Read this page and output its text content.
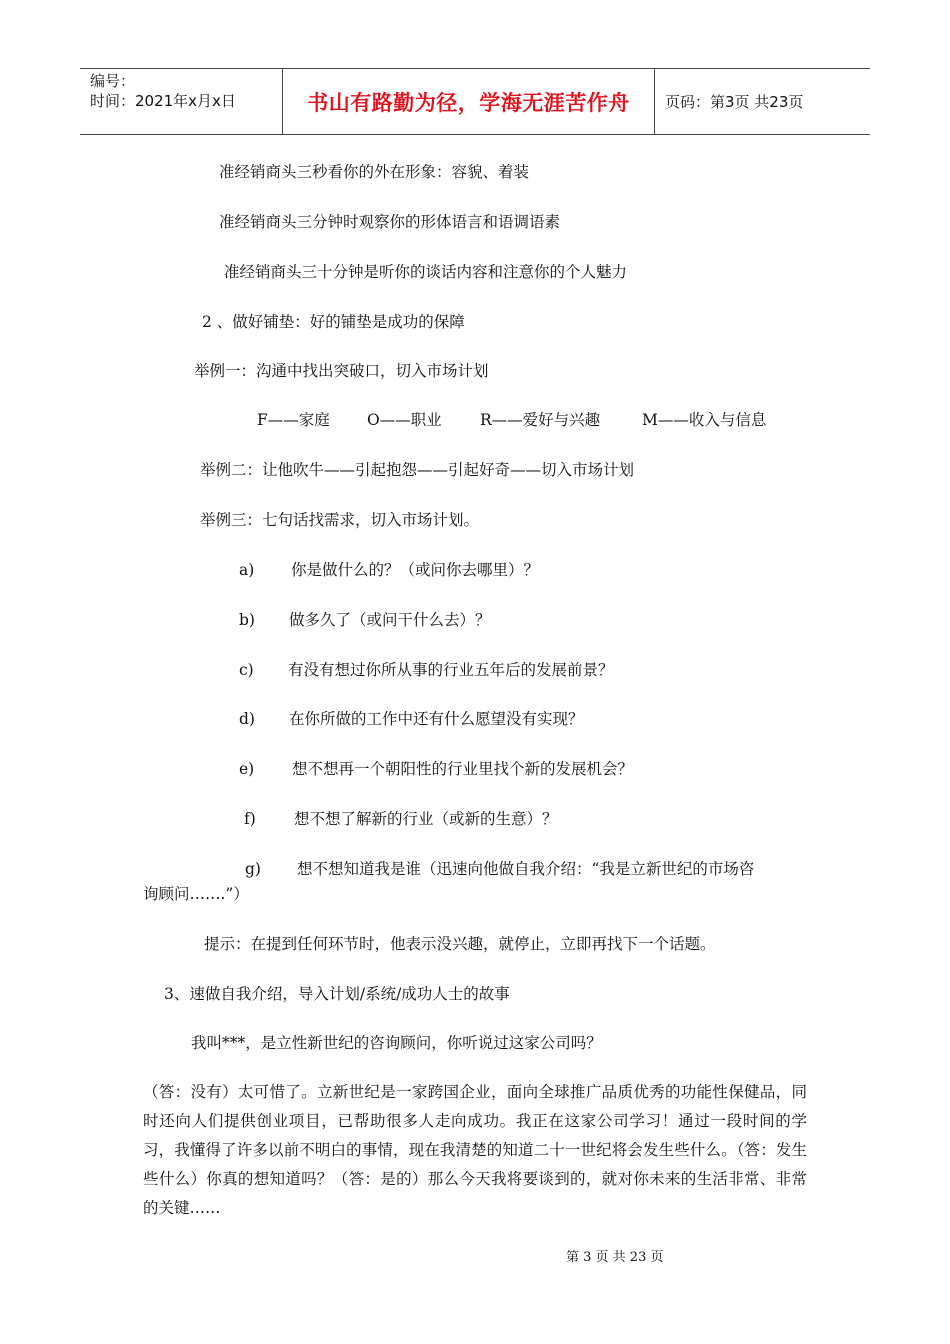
编号：
时间：2021年x月x日	书山有路勤为径，学海无涯苦作舟	页码：第3页 共23页
准经销商头三秒看你的外在形象：容貌、着装
准经销商头三分钟时观察你的形体语言和语调语素
准经销商头三十分钟是听你的谈话内容和注意你的个人魅力
2 、做好铺垫：好的铺垫是成功的保障
举例一：沟通中找出突破口，切入市场计划
F——家庭 O——职业 R——爱好与兴趣	M——收入与信息
举例二：让他吹牛——引起抱怨——引起好奇——切入市场计划
举例三：七句话找需求，切入市场计划。
a) 你是做什么的？（或问你去哪里）？
b) 做多久了（或问干什么去）？
c) 有没有想过你所从事的行业五年后的发展前景？
d) 在你所做的工作中还有什么愿望没有实现？
e) 想不想再一个朝阳性的行业里找个新的发展机会？
f) 想不想了解新的行业（或新的生意）？
g) 想不想知道我是谁（迅速向他做自我介绍：“我是立新世纪的市场咨
询顾问…….”）
提示：在提到任何环节时，他表示没兴趣，就停止，立即再找下一个话题。
3、速做自我介绍，导入计划/系统/成功人士的故事
我叫***，是立性新世纪的咨询顾问，你听说过这家公司吗？
（答：没有）太可惜了。立新世纪是一家跨国企业，面向全球推广品质优秀的功能性保健品，同时还向人们提供创业项目，已帮助很多人走向成功。我正在这家公司学习！通过一段时间的学习，我懂得了许多以前不明白的事情，现在我清楚的知道二十一世纪将会发生些什么。（答：发生些什么）你真的想知道吗？（答：是的）那么今天我将要谈到的，就对你未来的生活非常、非常的关键……
第 3 页 共 23 页
